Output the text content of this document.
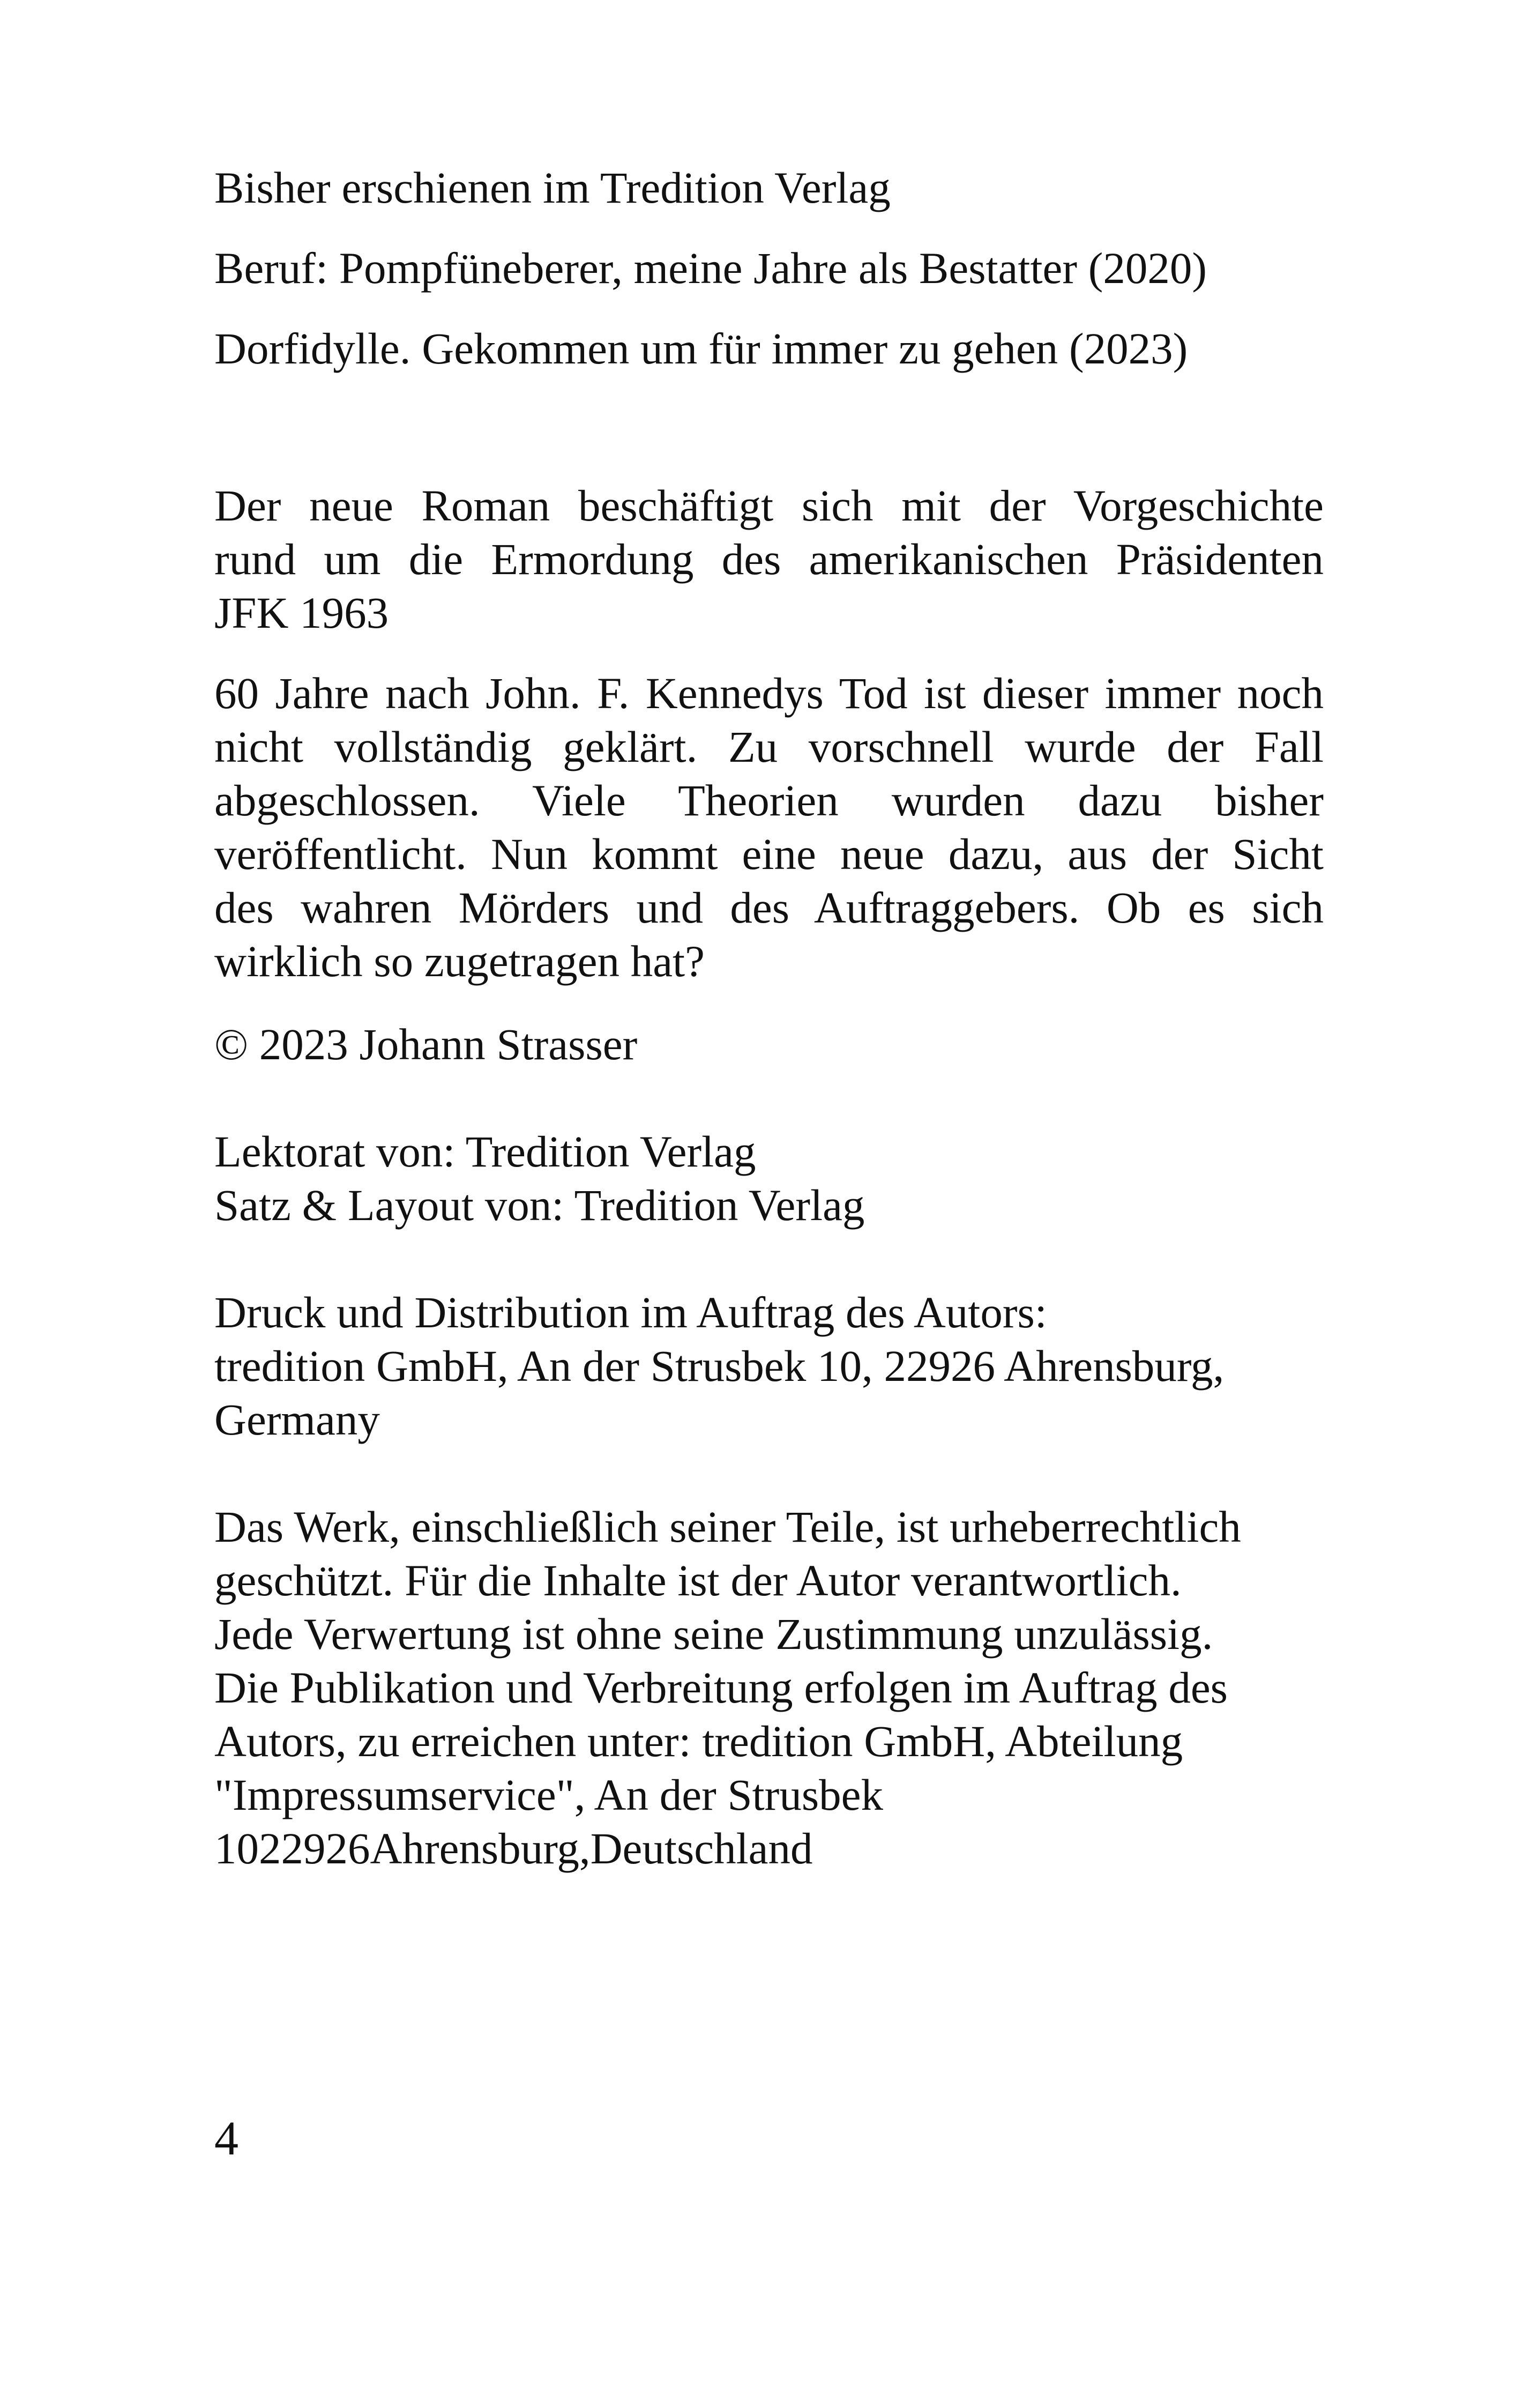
Bisher erschienen im Tredition Verlag

Beruf: Pompfüneberer, meine Jahre als Bestatter (2020)

Dorfidylle. Gekommen um für immer zu gehen (2023)

Der neue Roman beschäftigt sich mit der Vorgeschichte
rund um die Ermordung des amerikanischen Präsidenten
JFK 1963
60 Jahre nach John. F. Kennedys Tod ist dieser immer noch
nicht vollständig geklärt. Zu vorschnell wurde der Fall
abgeschlossen. Viele Theorien wurden dazu bisher
veröffentlicht. Nun kommt eine neue dazu, aus der Sicht
des wahren Mörders und des Auftraggebers. Ob es sich
wirklich so zugetragen hat?

© 2023 Johann Strasser

Lektorat von: Tredition Verlag
Satz & Layout von: Tredition Verlag
Druck und Distribution im Auftrag des Autors:
tredition GmbH, An der Strusbek 10, 22926 Ahrensburg,
Germany
Das Werk, einschließlich seiner Teile, ist urheberrechtlich
geschützt. Für die Inhalte ist der Autor verantwortlich.
Jede Verwertung ist ohne seine Zustimmung unzulässig.
Die Publikation und Verbreitung erfolgen im Auftrag des
Autors, zu erreichen unter: tredition GmbH, Abteilung
"Impressumservice", An der Strusbek
1022926Ahrensburg,Deutschland

4
